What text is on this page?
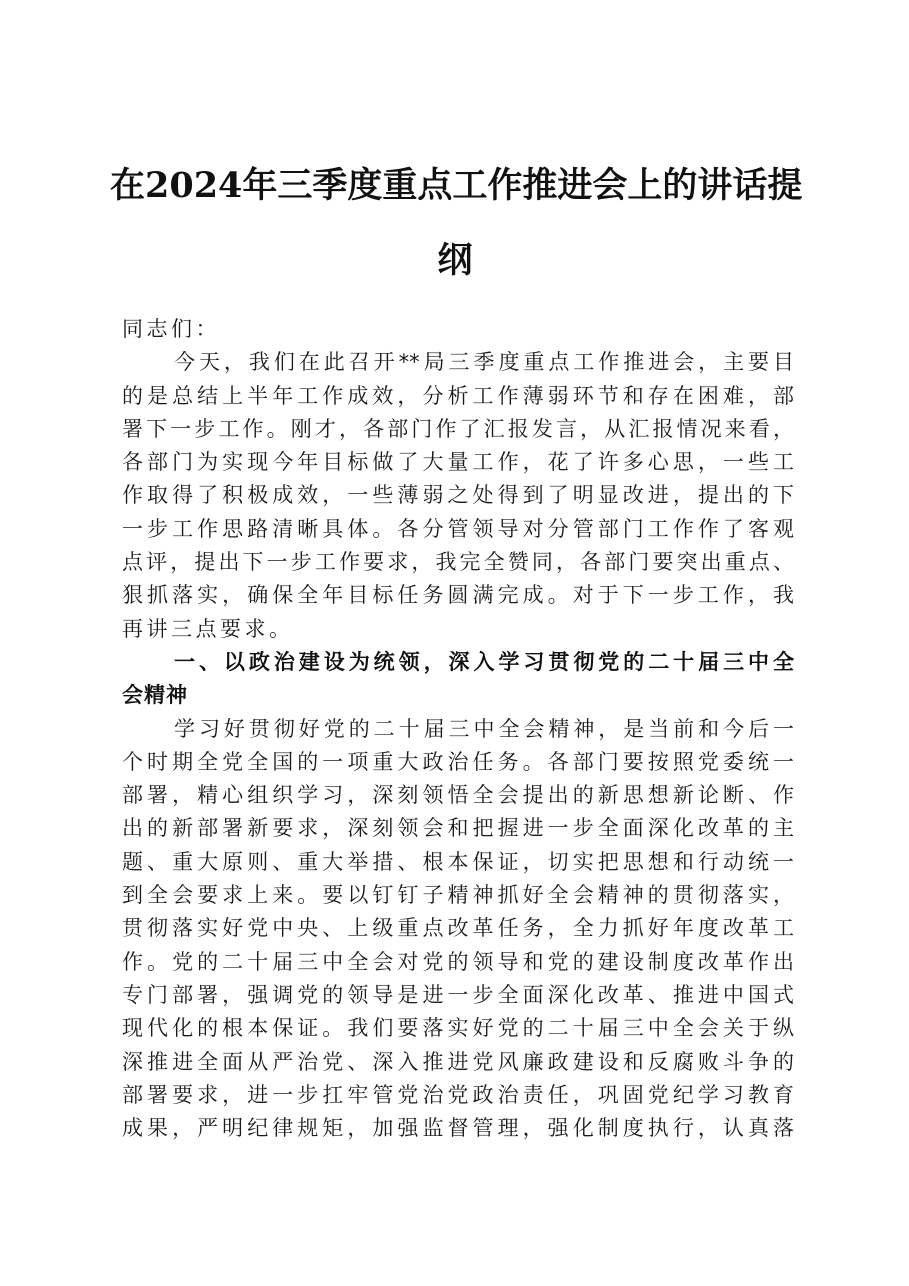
在2024年三季度重点工作推进会上的讲话提
纲
同志们：
今天，我们在此召开**局三季度重点工作推进会，主要目
的是总结上半年工作成效，分析工作薄弱环节和存在困难，部
署下一步工作。刚才，各部门作了汇报发言，从汇报情况来看，
各部门为实现今年目标做了大量工作，花了许多心思，一些工
作取得了积极成效，一些薄弱之处得到了明显改进，提出的下
一步工作思路清晰具体。各分管领导对分管部门工作作了客观
点评，提出下一步工作要求，我完全赞同，各部门要突出重点、
狠抓落实，确保全年目标任务圆满完成。对于下一步工作，我
再讲三点要求。
一、以政治建设为统领，深入学习贯彻党的二十届三中全
会精神
学习好贯彻好党的二十届三中全会精神，是当前和今后一
个时期全党全国的一项重大政治任务。各部门要按照党委统一
部署，精心组织学习，深刻领悟全会提出的新思想新论断、作
出的新部署新要求，深刻领会和把握进一步全面深化改革的主
题、重大原则、重大举措、根本保证，切实把思想和行动统一
到全会要求上来。要以钉钉子精神抓好全会精神的贯彻落实，
贯彻落实好党中央、上级重点改革任务，全力抓好年度改革工
作。党的二十届三中全会对党的领导和党的建设制度改革作出
专门部署，强调党的领导是进一步全面深化改革、推进中国式
现代化的根本保证。我们要落实好党的二十届三中全会关于纵
深推进全面从严治党、深入推进党风廉政建设和反腐败斗争的
部署要求，进一步扛牢管党治党政治责任，巩固党纪学习教育
成果，严明纪律规矩，加强监督管理，强化制度执行，认真落
